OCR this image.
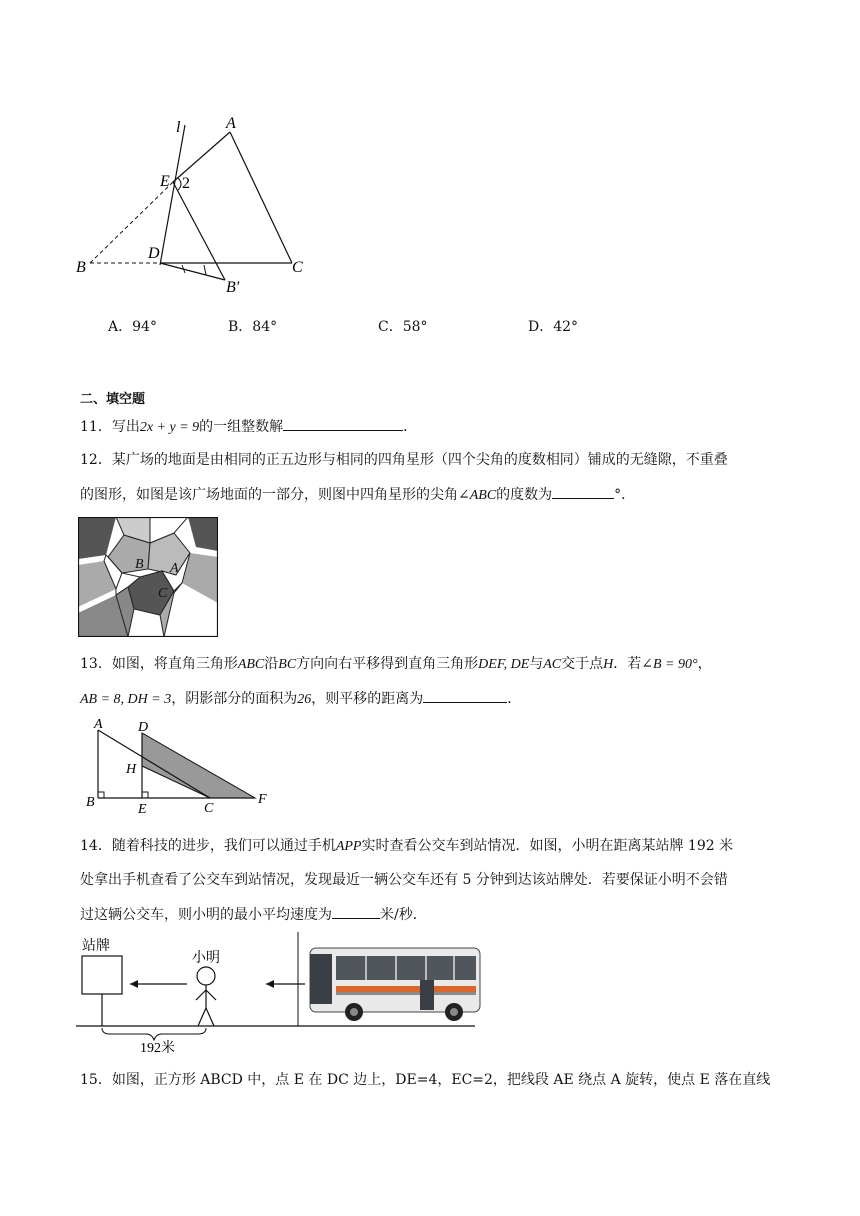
l	A
E 2
D
B	C
B′
A．94°	B．84°	C．58°	D．42°
二、填空题
11．写出2x + y = 9的一组整数解	．
12．某广场的地面是由相同的正五边形与相同的四角星形（四个尖角的度数相同）铺成的无缝隙，不重叠
的图形，如图是该广场地面的一部分，则图中四角星形的尖角∠ABC的度数为	°．
B A
C
13．如图，将直角三角形ABC沿BC方向向右平移得到直角三角形DEF, DE与AC交于点H．若∠B = 90°，
AB = 8, DH = 3，阴影部分的面积为26，则平移的距离为	．
A	D
H
B	E	C
F
14．随着科技的进步，我们可以通过手机APP实时查看公交车到站情况．如图，小明在距离某站牌 192 米
处拿出手机查看了公交车到站情况，发现最近一辆公交车还有 5 分钟到达该站牌处．若要保证小明不会错
过这辆公交车，则小明的最小平均速度为	米/秒．
站牌
小明
192米
15．如图，正方形 ABCD 中，点 E 在 DC 边上，DE=4，EC=2，把线段 AE 绕点 A 旋转，使点 E 落在直线
